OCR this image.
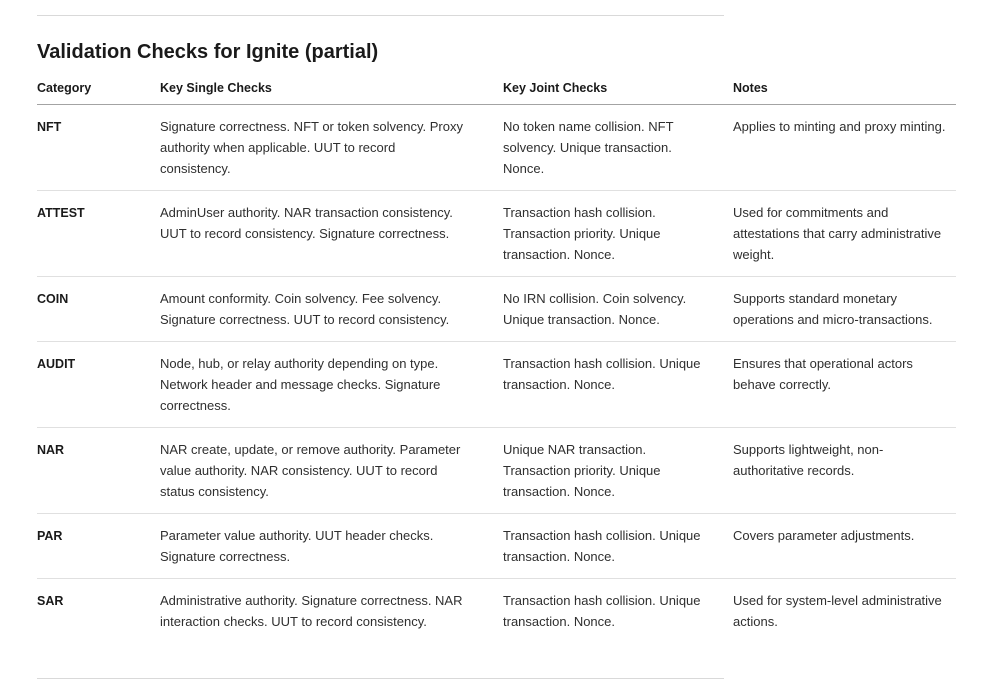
Validation Checks for Ignite (partial)
Category	Key Single Checks	Key Joint Checks	Notes
NFT	Signature correctness. NFT or token solvency. Proxy authority when applicable. UUT to record consistency.	No token name collision. NFT solvency. Unique transaction. Nonce.	Applies to minting and proxy minting.
ATTEST	AdminUser authority. NAR transaction consistency. UUT to record consistency. Signature correctness.	Transaction hash collision. Transaction priority. Unique transaction. Nonce.	Used for commitments and attestations that carry administrative weight.
COIN	Amount conformity. Coin solvency. Fee solvency. Signature correctness. UUT to record consistency.	No IRN collision. Coin solvency. Unique transaction. Nonce.	Supports standard monetary operations and micro-transactions.
AUDIT	Node, hub, or relay authority depending on type. Network header and message checks. Signature correctness.	Transaction hash collision. Unique transaction. Nonce.	Ensures that operational actors behave correctly.
NAR	NAR create, update, or remove authority. Parameter value authority. NAR consistency. UUT to record status consistency.	Unique NAR transaction. Transaction priority. Unique transaction. Nonce.	Supports lightweight, non-authoritative records.
PAR	Parameter value authority. UUT header checks. Signature correctness.	Transaction hash collision. Unique transaction. Nonce.	Covers parameter adjustments.
SAR	Administrative authority. Signature correctness. NAR interaction checks. UUT to record consistency.	Transaction hash collision. Unique transaction. Nonce.	Used for system-level administrative actions.
